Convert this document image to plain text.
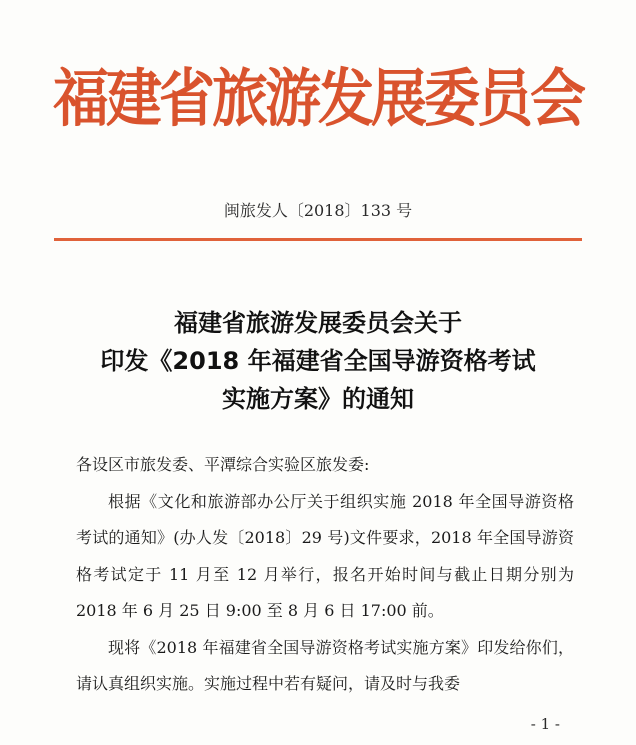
福建省旅游发展委员会
闽旅发人〔2018〕133 号
福建省旅游发展委员会关于
印发《2018 年福建省全国导游资格考试
实施方案》的通知

各设区市旅发委、平潭综合实验区旅发委:

根据《文化和旅游部办公厅关于组织实施 2018 年全国导游资格考试的通知》(办人发〔2018〕29 号)文件要求，2018 年全国导游资格考试定于 11 月至 12 月举行，报名开始时间与截止日期分别为 2018 年 6 月 25 日 9:00 至 8 月 6 日 17:00 前。

现将《2018 年福建省全国导游资格考试实施方案》印发给你们，请认真组织实施。实施过程中若有疑问，请及时与我委

- 1 -
